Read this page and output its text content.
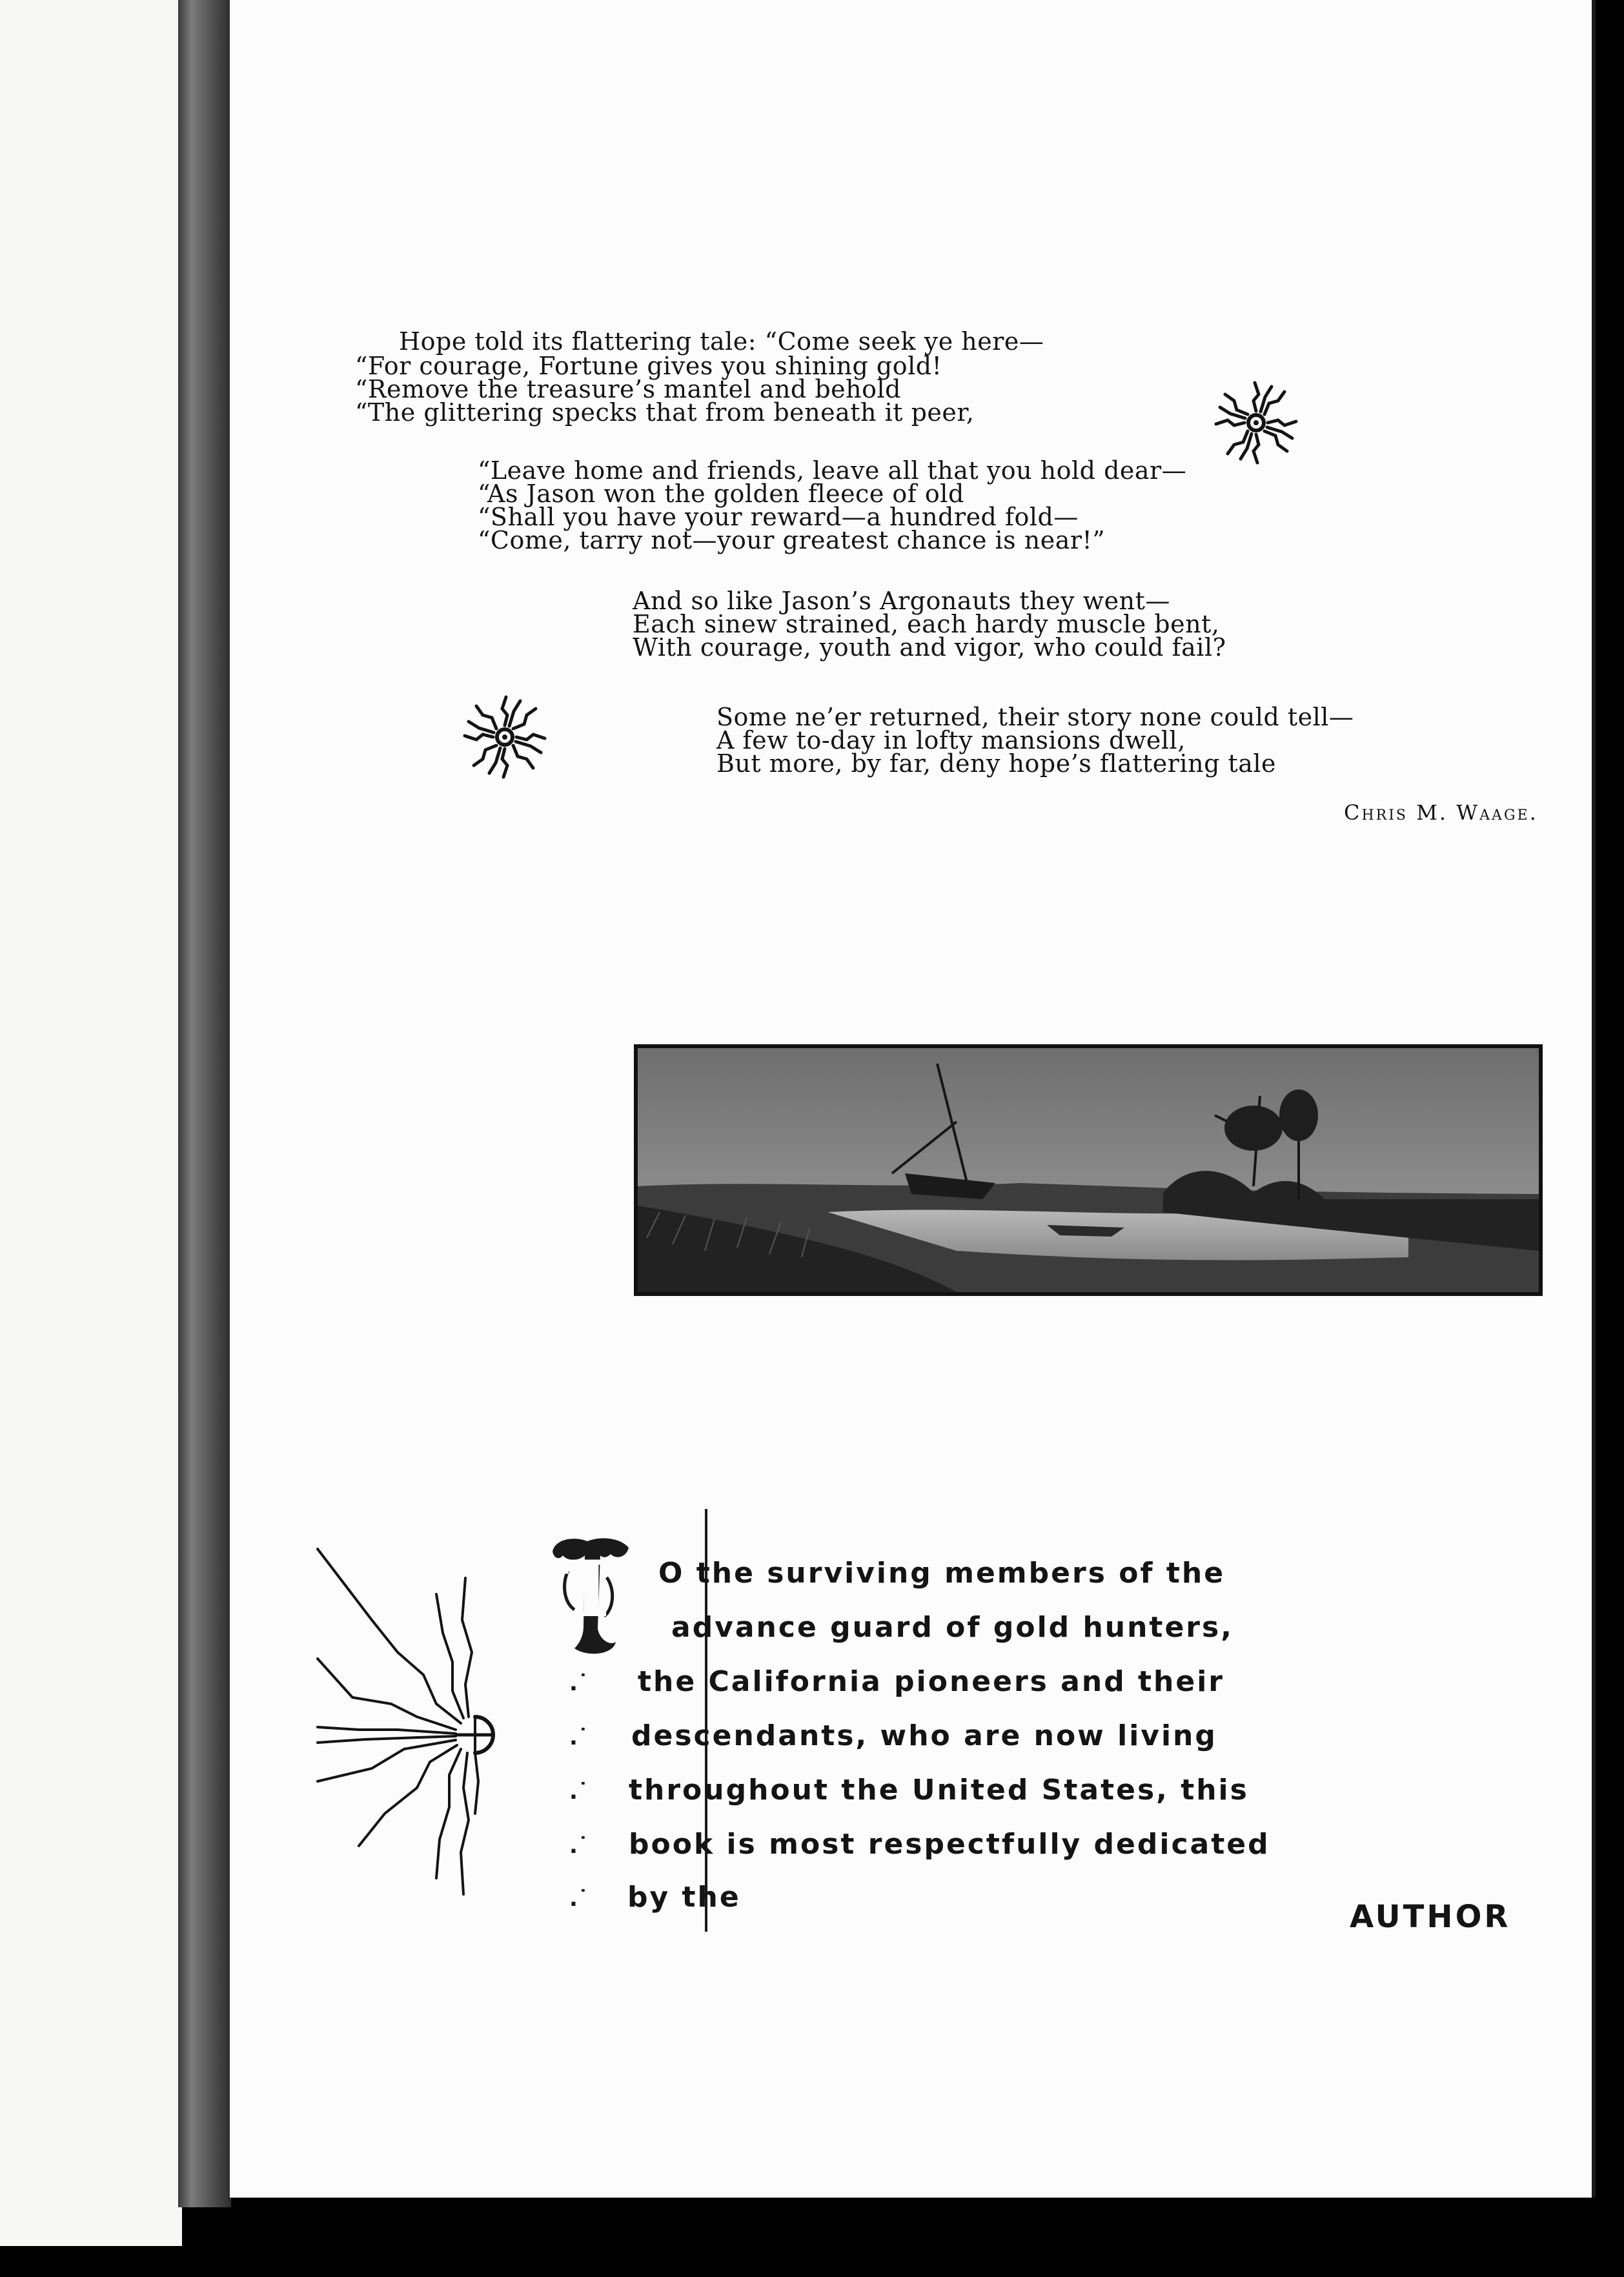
Hope told its flattering tale: “Come seek ye here—

“For courage, Fortune gives you shining gold!

“Remove the treasure’s mantel and behold

“The glittering specks that from beneath it peer,

“Leave home and friends, leave all that you hold dear—

“As Jason won the golden fleece of old

“Shall you have your reward—a hundred fold—

“Come, tarry not—your greatest chance is near!”

And so like Jason’s Argonauts they went—

Each sinew strained, each hardy muscle bent,

With courage, youth and vigor, who could fail?

Some ne’er returned, their story none could tell—

A few to-day in lofty mansions dwell,

But more, by far, deny hope’s flattering tale

Chris M. Waage.

T O the surviving members of the

advance guard of gold hunters,

.˙ the California pioneers and their

.˙ descendants, who are now living

.˙ throughout the United States, this

.˙ book is most respectfully dedicated

.˙ by the

AUTHOR
